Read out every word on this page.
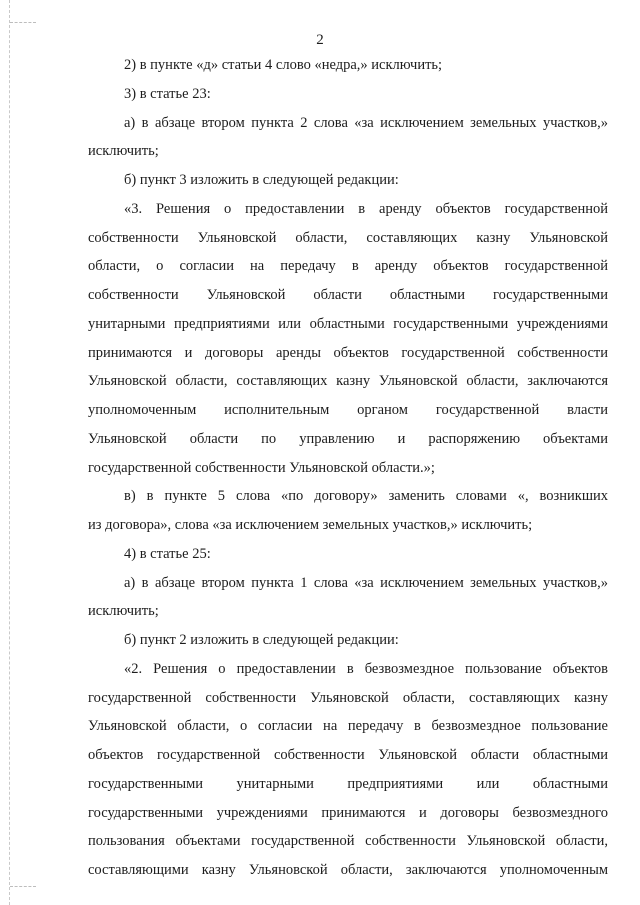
2
2) в пункте «д» статьи 4 слово «недра,» исключить;
3) в статье 23:
а) в абзаце втором пункта 2 слова «за исключением земельных участков,»
исключить;
б) пункт 3 изложить в следующей редакции:
«3. Решения о предоставлении в аренду объектов государственной
собственности Ульяновской области, составляющих казну Ульяновской
области, о согласии на передачу в аренду объектов государственной
собственности Ульяновской области областными государственными
унитарными предприятиями или областными государственными учреждениями
принимаются и договоры аренды объектов государственной собственности
Ульяновской области, составляющих казну Ульяновской области, заключаются
уполномоченным исполнительным органом государственной власти
Ульяновской области по управлению и распоряжению объектами
государственной собственности Ульяновской области.»;
в) в пункте 5 слова «по договору» заменить словами «, возникших
из договора», слова «за исключением земельных участков,» исключить;
4) в статье 25:
а) в абзаце втором пункта 1 слова «за исключением земельных участков,»
исключить;
б) пункт 2 изложить в следующей редакции:
«2. Решения о предоставлении в безвозмездное пользование объектов
государственной собственности Ульяновской области, составляющих казну
Ульяновской области, о согласии на передачу в безвозмездное пользование
объектов государственной собственности Ульяновской области областными
государственными унитарными предприятиями или областными
государственными учреждениями принимаются и договоры безвозмездного
пользования объектами государственной собственности Ульяновской области,
составляющими казну Ульяновской области, заключаются уполномоченным
